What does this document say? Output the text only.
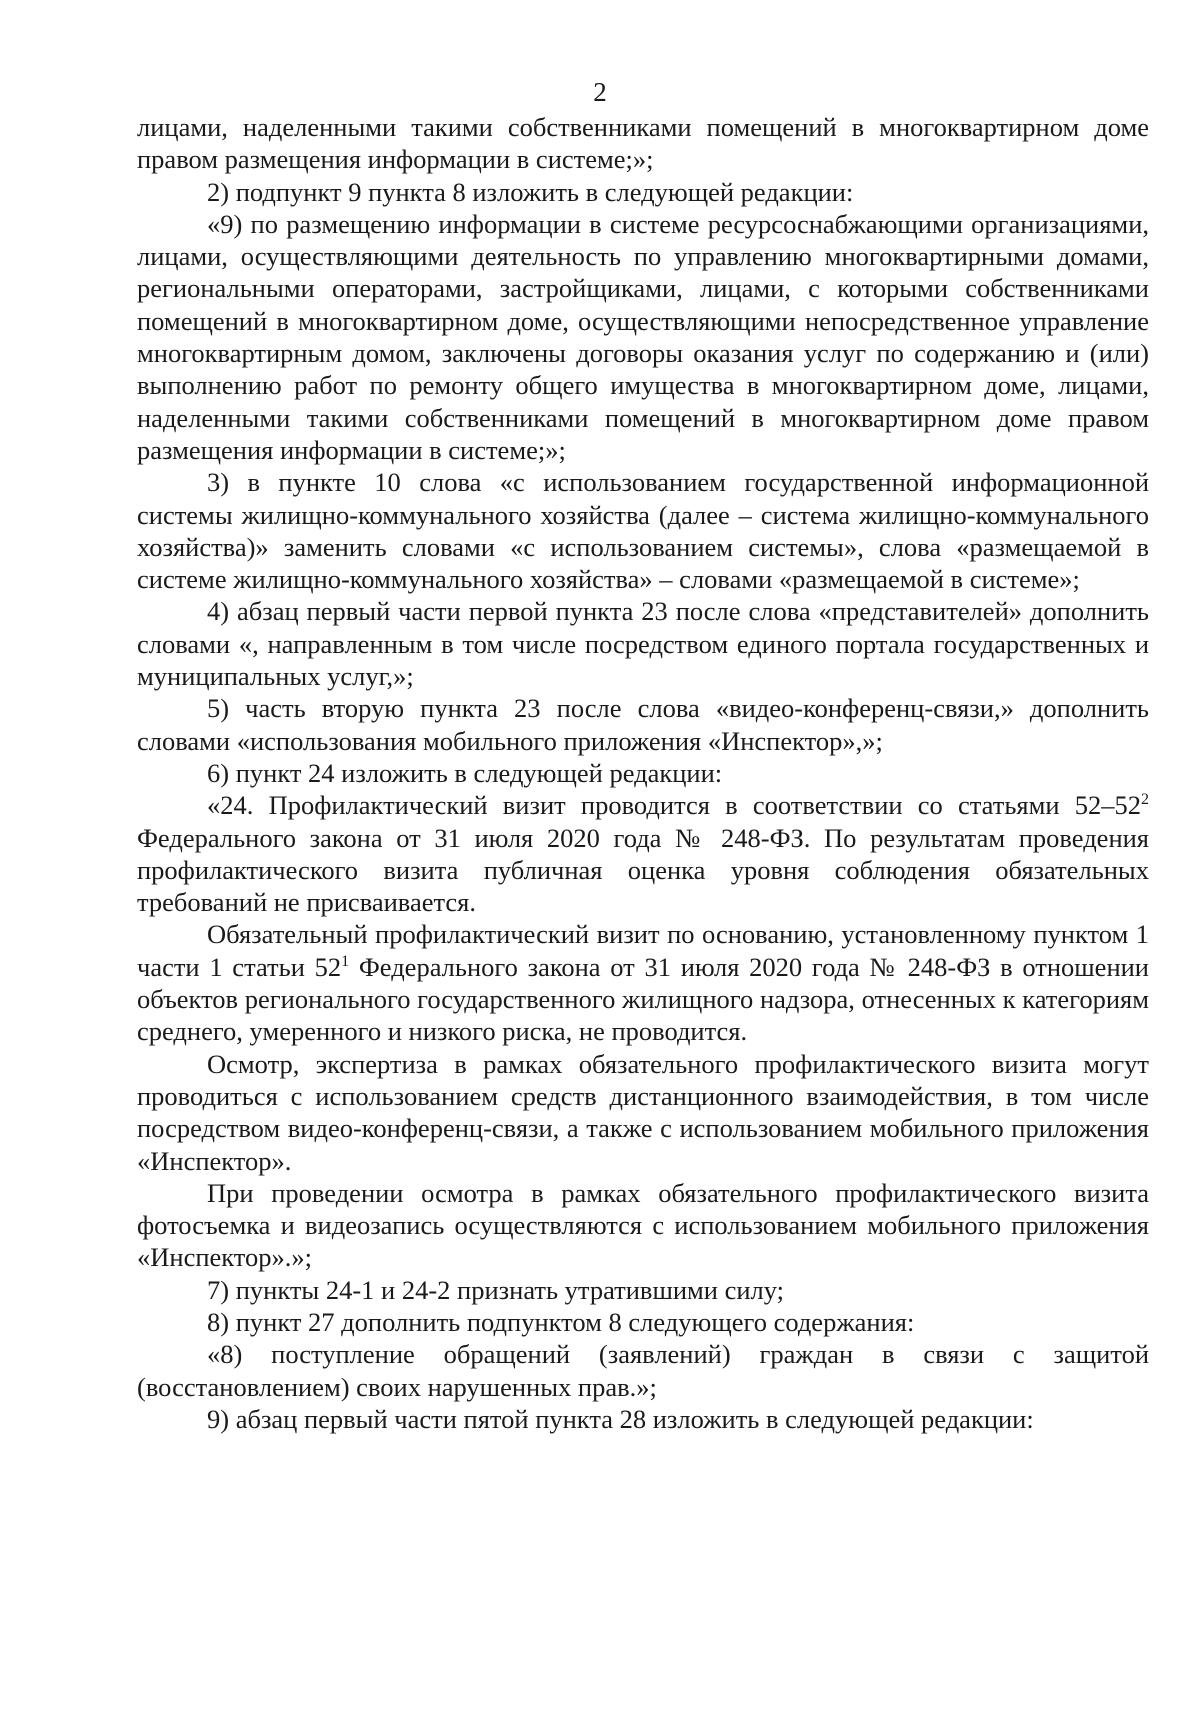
2

лицами, наделенными такими собственниками помещений в многоквартирном доме правом размещения информации в системе;»;

2) подпункт 9 пункта 8 изложить в следующей редакции:

«9) по размещению информации в системе ресурсоснабжающими организациями, лицами, осуществляющими деятельность по управлению многоквартирными домами, региональными операторами, застройщиками, лицами, с которыми собственниками помещений в многоквартирном доме, осуществляющими непосредственное управление многоквартирным домом, заключены договоры оказания услуг по содержанию и (или) выполнению работ по ремонту общего имущества в многоквартирном доме, лицами, наделенными такими собственниками помещений в многоквартирном доме правом размещения информации в системе;»;

3) в пункте 10 слова «с использованием государственной информационной системы жилищно-коммунального хозяйства (далее – система жилищно-коммунального хозяйства)» заменить словами «с использованием системы», слова «размещаемой в системе жилищно-коммунального хозяйства» – словами «размещаемой в системе»;

4) абзац первый части первой пункта 23 после слова «представителей» дополнить словами «, направленным в том числе посредством единого портала государственных и муниципальных услуг,»;

5) часть вторую пункта 23 после слова «видео-конференц-связи,» дополнить словами «использования мобильного приложения «Инспектор»,»;

6) пункт 24 изложить в следующей редакции:

«24. Профилактический визит проводится в соответствии со статьями $52-52^2$ Федерального закона от 31 июля 2020 года № 248-ФЗ. По результатам проведения профилактического визита публичная оценка уровня соблюдения обязательных требований не присваивается.

Обязательный профилактический визит по основанию, установленному пунктом 1 части 1 статьи $52^1$ Федерального закона от 31 июля 2020 года № 248-ФЗ в отношении объектов регионального государственного жилищного надзора, отнесенных к категориям среднего, умеренного и низкого риска, не проводится.

Осмотр, экспертиза в рамках обязательного профилактического визита могут проводиться с использованием средств дистанционного взаимодействия, в том числе посредством видео-конференц-связи, а также с использованием мобильного приложения «Инспектор».

При проведении осмотра в рамках обязательного профилактического визита фотосъемка и видеозапись осуществляются с использованием мобильного приложения «Инспектор».»;

7) пункты 24-1 и 24-2 признать утратившими силу;

8) пункт 27 дополнить подпунктом 8 следующего содержания:

«8) поступление обращений (заявлений) граждан в связи с защитой (восстановлением) своих нарушенных прав.»;

9) абзац первый части пятой пункта 28 изложить в следующей редакции:
